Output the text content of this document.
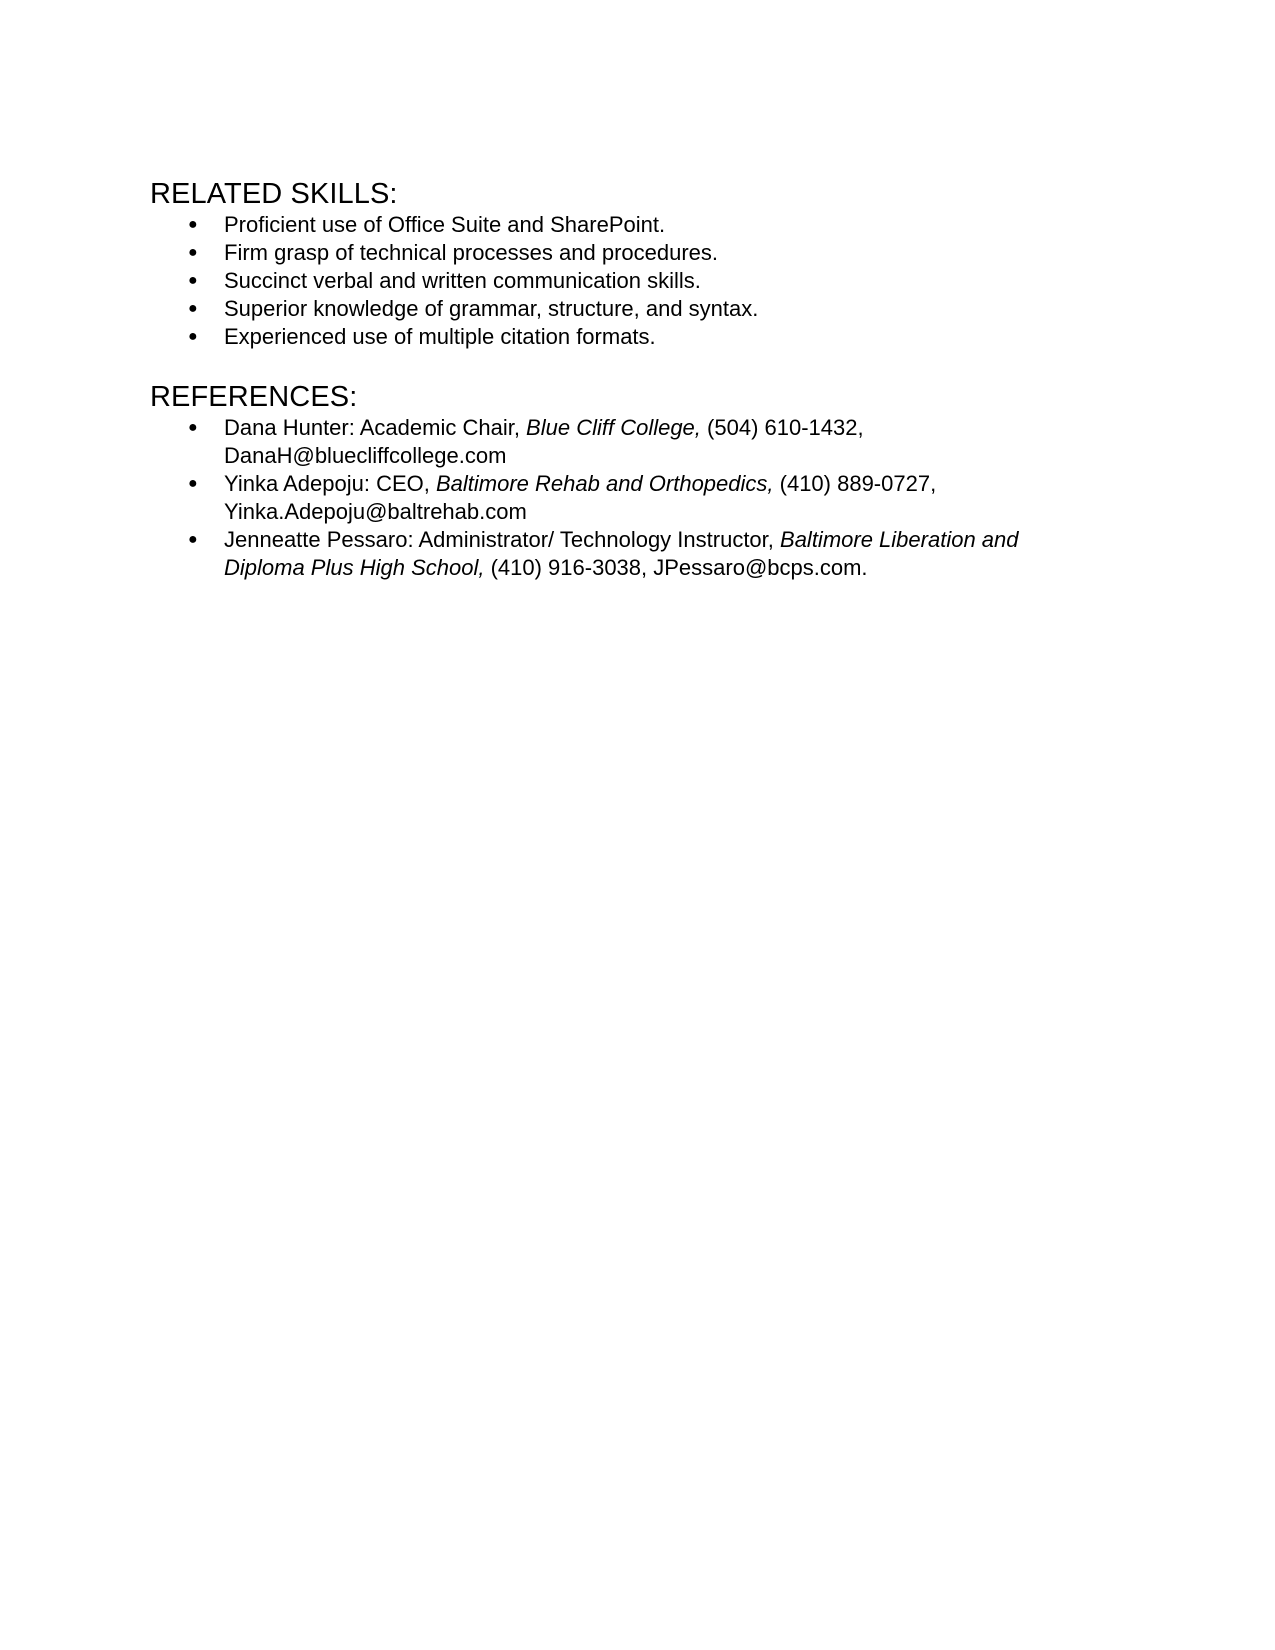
RELATED SKILLS:
● Proficient use of Office Suite and SharePoint.
● Firm grasp of technical processes and procedures.
● Succinct verbal and written communication skills.
● Superior knowledge of grammar, structure, and syntax.
● Experienced use of multiple citation formats.
REFERENCES:
● Dana Hunter: Academic Chair, Blue Cliff College, (504) 610-1432, DanaH@bluecliffcollege.com
● Yinka Adepoju: CEO, Baltimore Rehab and Orthopedics, (410) 889-0727, Yinka.Adepoju@baltrehab.com
● Jenneatte Pessaro: Administrator/ Technology Instructor, Baltimore Liberation and Diploma Plus High School, (410) 916-3038, JPessaro@bcps.com.
